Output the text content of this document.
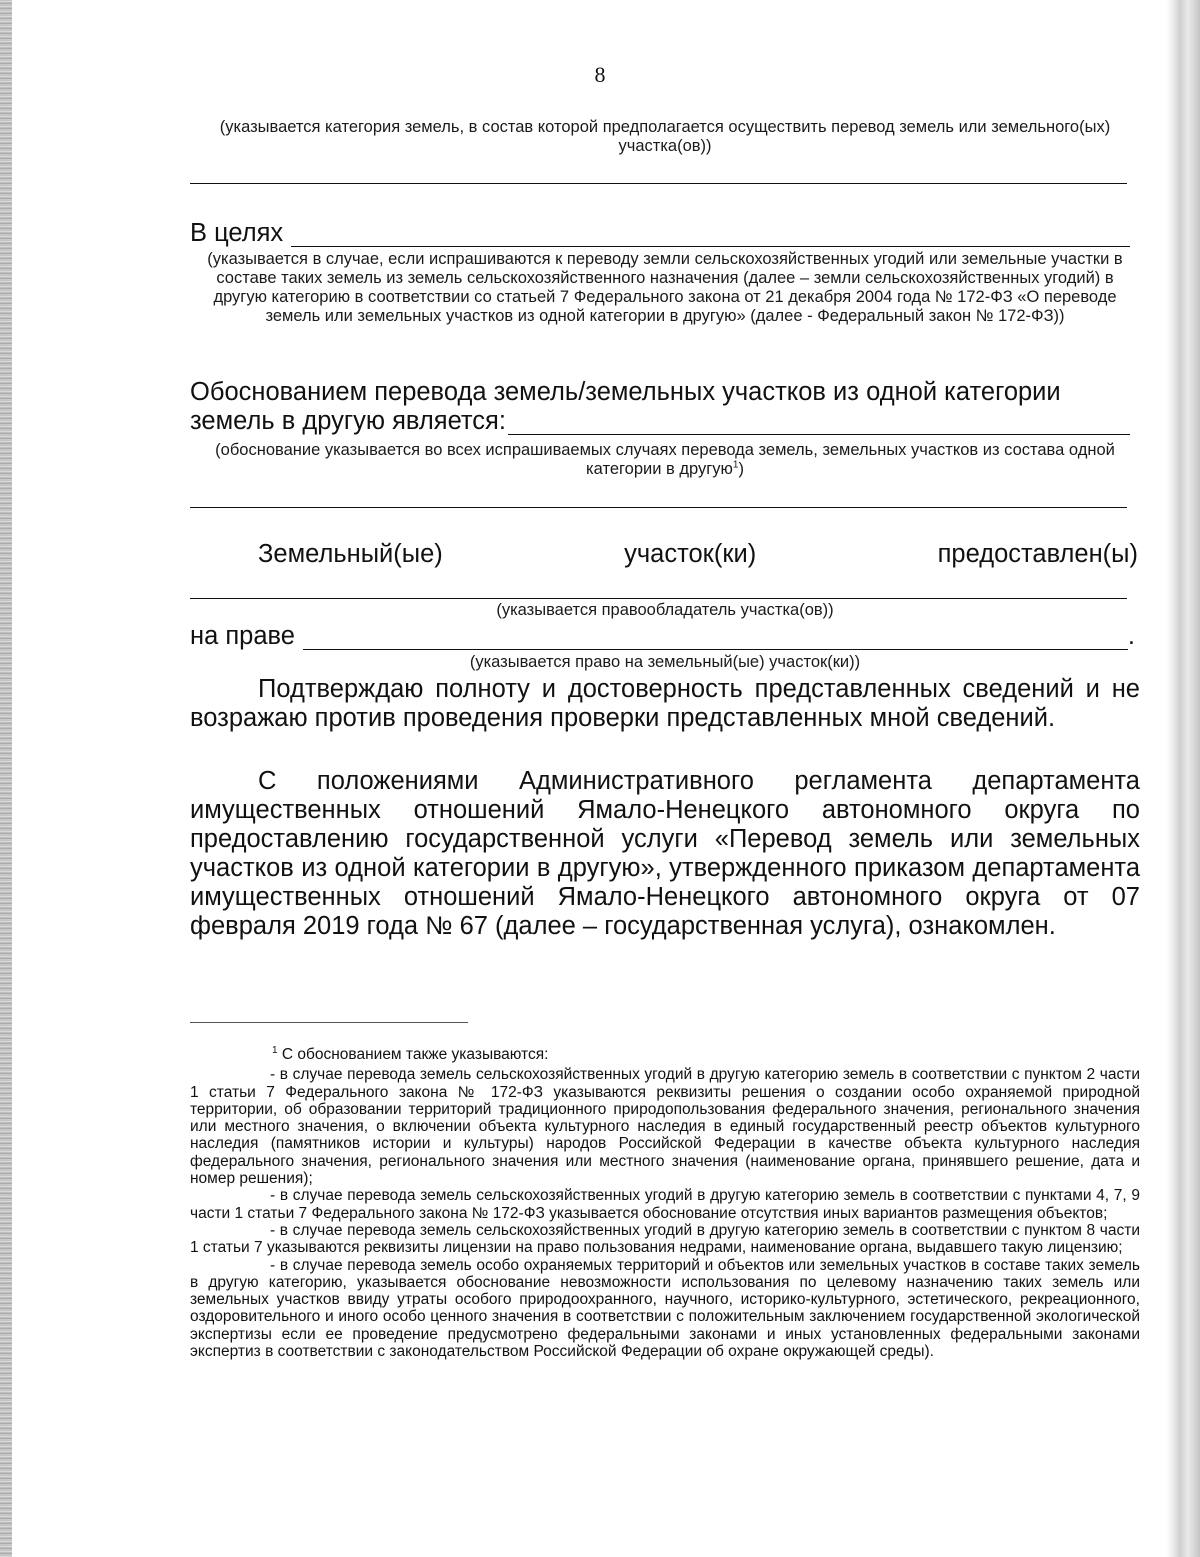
8

(указывается категория земель, в состав которой предполагается осуществить перевод земель или земельного(ых) участка(ов))

В целях

(указывается в случае, если испрашиваются к переводу земли сельскохозяйственных угодий или земельные участки в составе таких земель из земель сельскохозяйственного назначения (далее – земли сельскохозяйственных угодий) в другую категорию в соответствии со статьей 7 Федерального закона от 21 декабря 2004 года № 172-ФЗ «О переводе земель или земельных участков из одной категории в другую» (далее - Федеральный закон № 172-ФЗ))

Обоснованием перевода земель/земельных участков из одной категории
земель в другую является:

(обоснование указывается во всех испрашиваемых случаях перевода земель, земельных участков из состава одной категории в другую$^1$)

Земельный(ые)	участок(ки)	предоставлен(ы)

(указывается правообладатель участка(ов))

на праве	.

(указывается право на земельный(ые) участок(ки))

Подтверждаю полноту и достоверность представленных сведений и не возражаю против проведения проверки представленных мной сведений.

С положениями Административного регламента департамента имущественных отношений Ямало-Ненецкого автономного округа по предоставлению государственной услуги «Перевод земель или земельных участков из одной категории в другую», утвержденного приказом департамента имущественных отношений Ямало-Ненецкого автономного округа от 07 февраля 2019 года № 67 (далее – государственная услуга), ознакомлен.

$^1$ С обоснованием также указываются:
- в случае перевода земель сельскохозяйственных угодий в другую категорию земель в соответствии с пунктом 2 части 1 статьи 7 Федерального закона № 172-ФЗ указываются реквизиты решения о создании особо охраняемой природной территории, об образовании территорий традиционного природопользования федерального значения, регионального значения или местного значения, о включении объекта культурного наследия в единый государственный реестр объектов культурного наследия (памятников истории и культуры) народов Российской Федерации в качестве объекта культурного наследия федерального значения, регионального значения или местного значения (наименование органа, принявшего решение, дата и номер решения);
- в случае перевода земель сельскохозяйственных угодий в другую категорию земель в соответствии с пунктами 4, 7, 9 части 1 статьи 7 Федерального закона № 172-ФЗ указывается обоснование отсутствия иных вариантов размещения объектов;
- в случае перевода земель сельскохозяйственных угодий в другую категорию земель в соответствии с пунктом 8 части 1 статьи 7 указываются реквизиты лицензии на право пользования недрами, наименование органа, выдавшего такую лицензию;
- в случае перевода земель особо охраняемых территорий и объектов или земельных участков в составе таких земель в другую категорию, указывается обоснование невозможности использования по целевому назначению таких земель или земельных участков ввиду утраты особого природоохранного, научного, историко-культурного, эстетического, рекреационного, оздоровительного и иного особо ценного значения в соответствии с положительным заключением государственной экологической экспертизы если ее проведение предусмотрено федеральными законами и иных установленных федеральными законами экспертиз в соответствии с законодательством Российской Федерации об охране окружающей среды).
